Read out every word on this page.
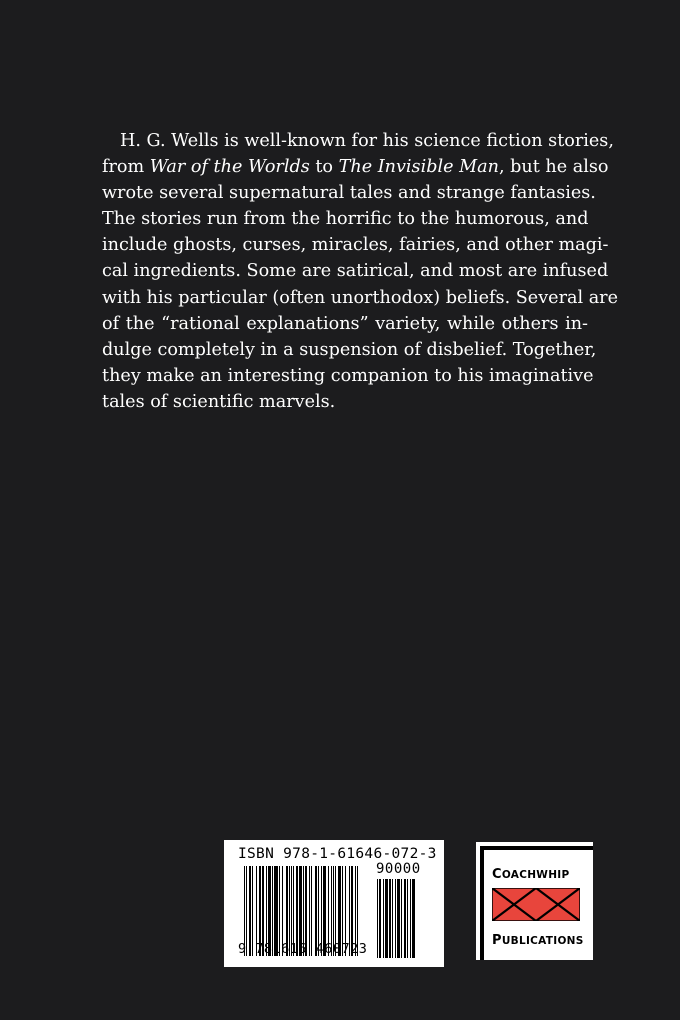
H. G. Wells is well-known for his science fiction stories,
from War of the Worlds to The Invisible Man, but he also
wrote several supernatural tales and strange fantasies.
The stories run from the horrific to the humorous, and
include ghosts, curses, miracles, fairies, and other magi-
cal ingredients. Some are satirical, and most are infused
with his particular (often unorthodox) beliefs. Several are
of the “rational explanations” variety, while others in-
dulge completely in a suspension of disbelief. Together,
they make an interesting companion to his imaginative
tales of scientific marvels.

ISBN 978-1-61646-072-3
90000
9 781616 460723
COACHWHIP
PUBLICATIONS
